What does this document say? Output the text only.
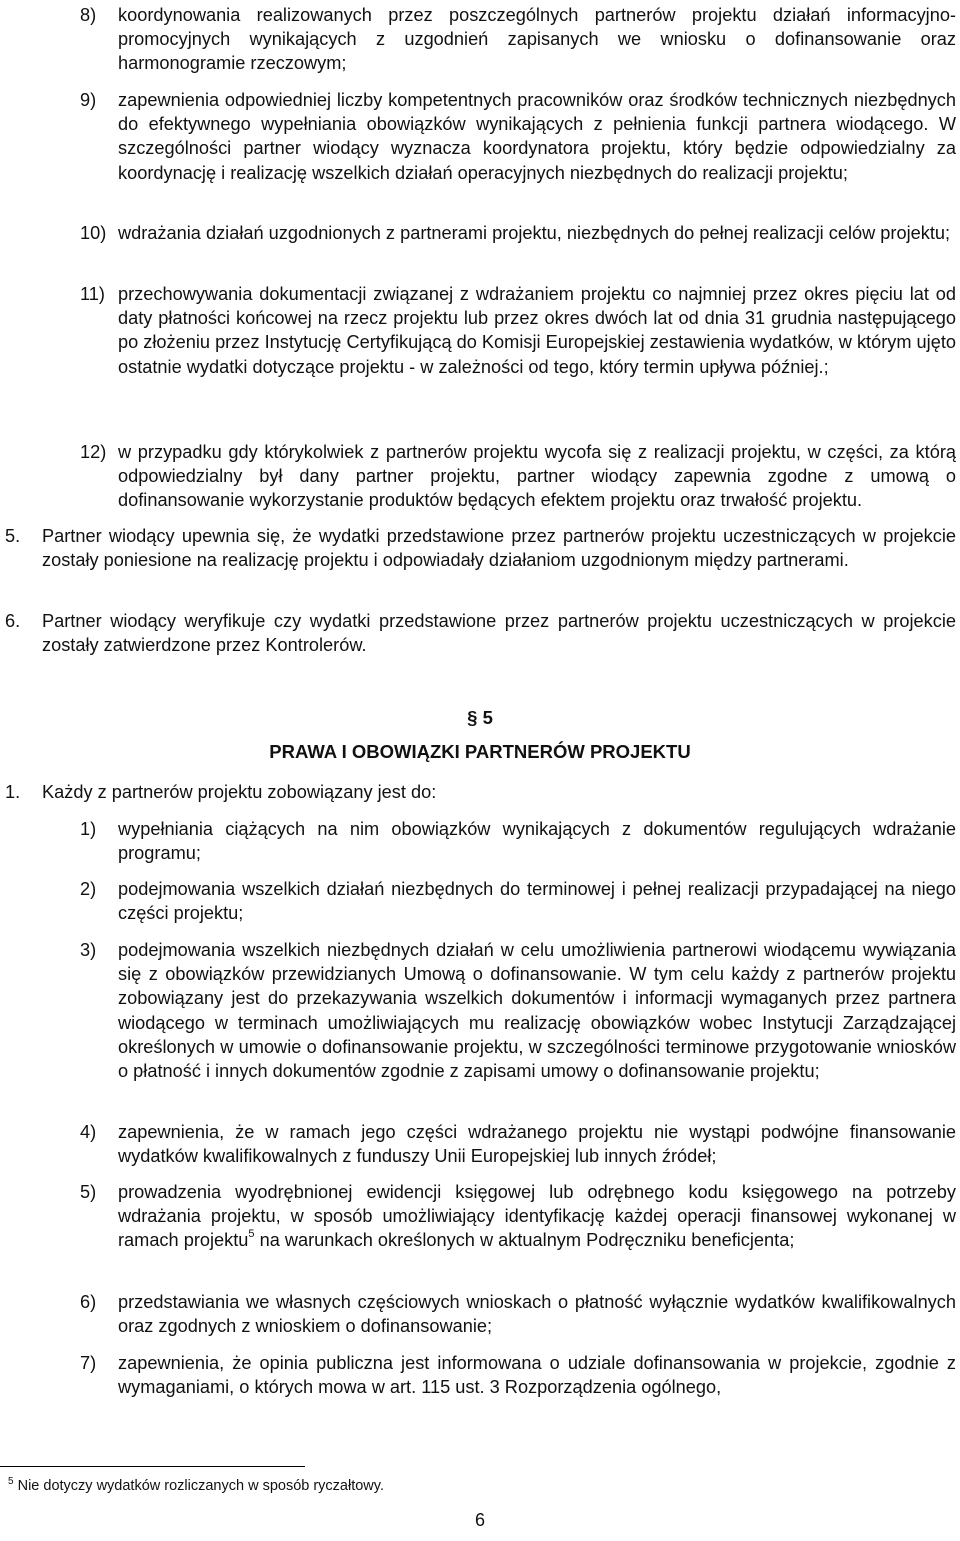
8) koordynowania realizowanych przez poszczególnych partnerów projektu działań informacyjno-promocyjnych wynikających z uzgodnień zapisanych we wniosku o dofinansowanie oraz harmonogramie rzeczowym;
9) zapewnienia odpowiedniej liczby kompetentnych pracowników oraz środków technicznych niezbędnych do efektywnego wypełniania obowiązków wynikających z pełnienia funkcji partnera wiodącego. W szczególności partner wiodący wyznacza koordynatora projektu, który będzie odpowiedzialny za koordynację i realizację wszelkich działań operacyjnych niezbędnych do realizacji projektu;
10) wdrażania działań uzgodnionych z partnerami projektu, niezbędnych do pełnej realizacji celów projektu;
11) przechowywania dokumentacji związanej z wdrażaniem projektu co najmniej przez okres pięciu lat od daty płatności końcowej na rzecz projektu lub przez okres dwóch lat od dnia 31 grudnia następującego po złożeniu przez Instytucję Certyfikującą do Komisji Europejskiej zestawienia wydatków, w którym ujęto ostatnie wydatki dotyczące projektu - w zależności od tego, który termin upływa później.;
12) w przypadku gdy którykolwiek z partnerów projektu wycofa się z realizacji projektu, w części, za którą odpowiedzialny był dany partner projektu, partner wiodący zapewnia zgodne z umową o dofinansowanie wykorzystanie produktów będących efektem projektu oraz trwałość projektu.
5. Partner wiodący upewnia się, że wydatki przedstawione przez partnerów projektu uczestniczących w projekcie zostały poniesione na realizację projektu i odpowiadały działaniom uzgodnionym między partnerami.
6. Partner wiodący weryfikuje czy wydatki przedstawione przez partnerów projektu uczestniczących w projekcie zostały zatwierdzone przez Kontrolerów.
§ 5
PRAWA I OBOWIĄZKI PARTNERÓW PROJEKTU
1. Każdy z partnerów projektu zobowiązany jest do:
1) wypełniania ciążących na nim obowiązków wynikających z dokumentów regulujących wdrażanie programu;
2) podejmowania wszelkich działań niezbędnych do terminowej i pełnej realizacji przypadającej na niego części projektu;
3) podejmowania wszelkich niezbędnych działań w celu umożliwienia partnerowi wiodącemu wywiązania się z obowiązków przewidzianych Umową o dofinansowanie. W tym celu każdy z partnerów projektu zobowiązany jest do przekazywania wszelkich dokumentów i informacji wymaganych przez partnera wiodącego w terminach umożliwiających mu realizację obowiązków wobec Instytucji Zarządzającej określonych w umowie o dofinansowanie projektu, w szczególności terminowe przygotowanie wniosków o płatność i innych dokumentów zgodnie z zapisami umowy o dofinansowanie projektu;
4) zapewnienia, że w ramach jego części wdrażanego projektu nie wystąpi podwójne finansowanie wydatków kwalifikowalnych z funduszy Unii Europejskiej lub innych źródeł;
5) prowadzenia wyodrębnionej ewidencji księgowej lub odrębnego kodu księgowego na potrzeby wdrażania projektu, w sposób umożliwiający identyfikację każdej operacji finansowej wykonanej w ramach projektu$^5$ na warunkach określonych w aktualnym Podręczniku beneficjenta;
6) przedstawiania we własnych częściowych wnioskach o płatność wyłącznie wydatków kwalifikowalnych oraz zgodnych z wnioskiem o dofinansowanie;
7) zapewnienia, że opinia publiczna jest informowana o udziale dofinansowania w projekcie, zgodnie z wymaganiami, o których mowa w art. 115 ust. 3 Rozporządzenia ogólnego,
$^5$ Nie dotyczy wydatków rozliczanych w sposób ryczałtowy.
6
